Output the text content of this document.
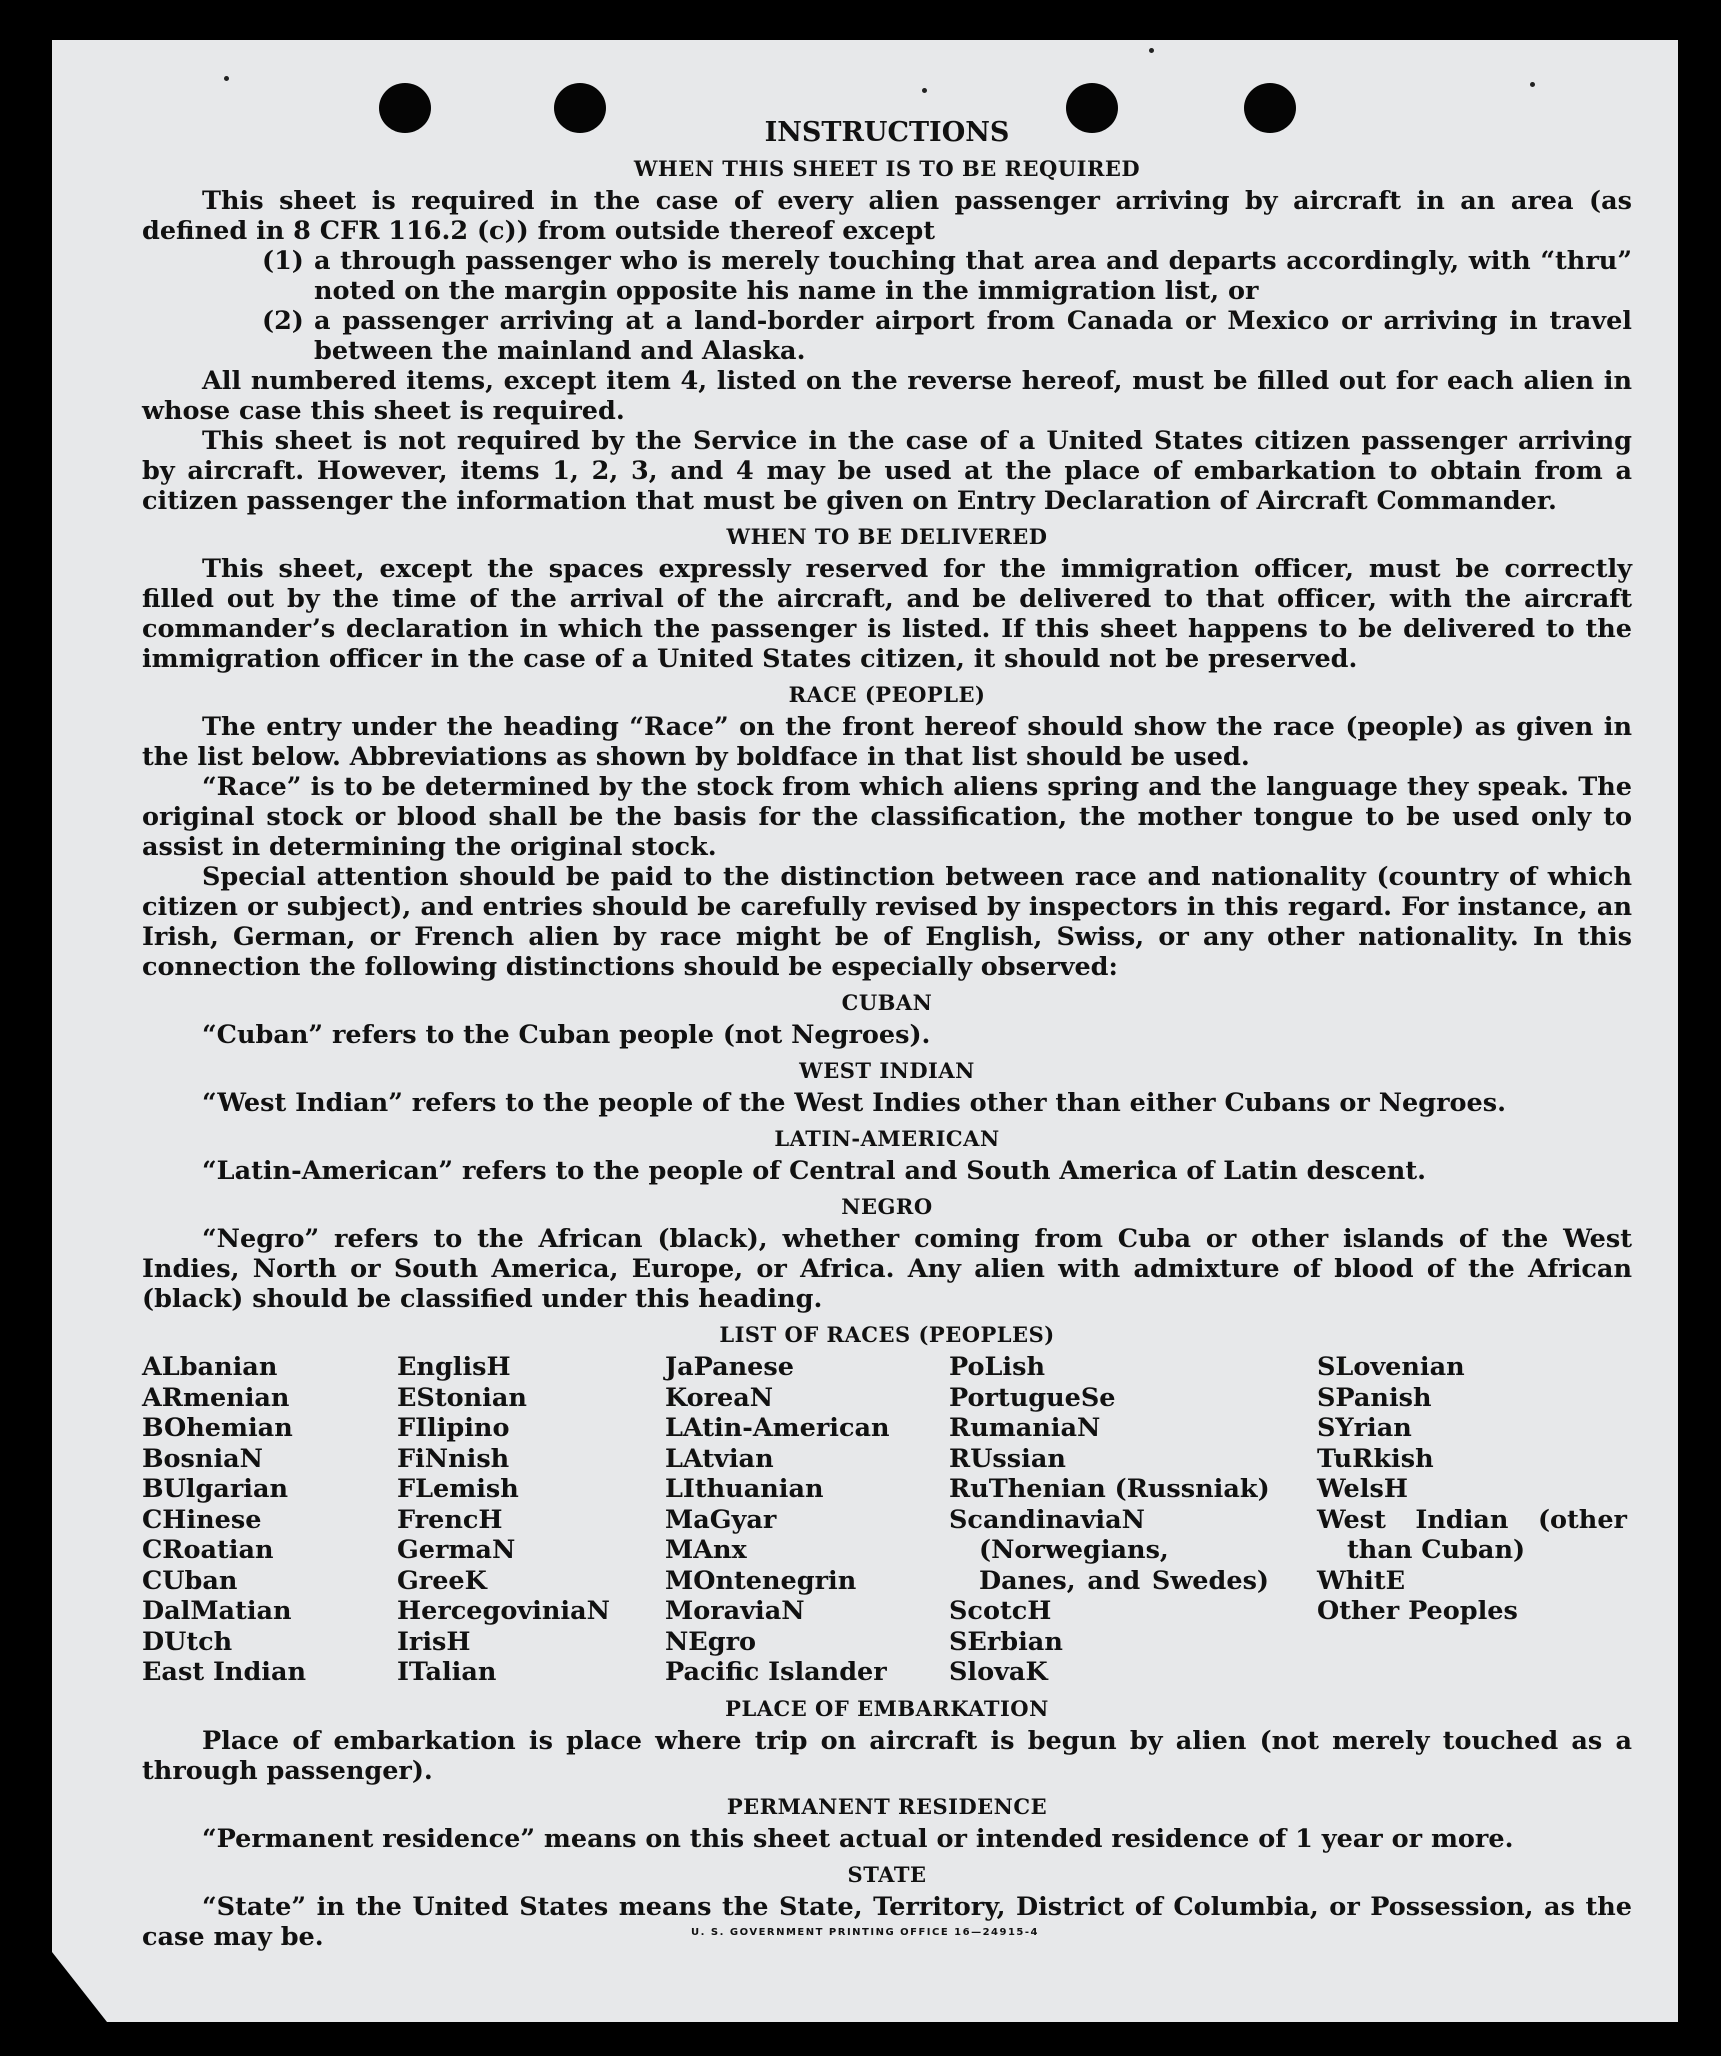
INSTRUCTIONS
WHEN THIS SHEET IS TO BE REQUIRED

This sheet is required in the case of every alien passenger arriving by aircraft in an area (as defined in 8 CFR 116.2 (c)) from outside thereof except

(1) a through passenger who is merely touching that area and departs accordingly, with “thru” noted on the margin opposite his name in the immigration list, or
(2) a passenger arriving at a land-border airport from Canada or Mexico or arriving in travel between the mainland and Alaska.

All numbered items, except item 4, listed on the reverse hereof, must be filled out for each alien in whose case this sheet is required.

This sheet is not required by the Service in the case of a United States citizen passenger arriving by aircraft. However, items 1, 2, 3, and 4 may be used at the place of embarkation to obtain from a citizen passenger the information that must be given on Entry Declaration of Aircraft Commander.

WHEN TO BE DELIVERED

This sheet, except the spaces expressly reserved for the immigration officer, must be correctly filled out by the time of the arrival of the aircraft, and be delivered to that officer, with the aircraft commander’s declaration in which the passenger is listed. If this sheet happens to be delivered to the immigration officer in the case of a United States citizen, it should not be preserved.

RACE (PEOPLE)

The entry under the heading “Race” on the front hereof should show the race (people) as given in the list below. Abbreviations as shown by boldface in that list should be used.

“Race” is to be determined by the stock from which aliens spring and the language they speak. The original stock or blood shall be the basis for the classification, the mother tongue to be used only to assist in determining the original stock.

Special attention should be paid to the distinction between race and nationality (country of which citizen or subject), and entries should be carefully revised by inspectors in this regard. For instance, an Irish, German, or French alien by race might be of English, Swiss, or any other nationality. In this connection the following distinctions should be especially observed:

CUBAN

“Cuban” refers to the Cuban people (not Negroes).

WEST INDIAN

“West Indian” refers to the people of the West Indies other than either Cubans or Negroes.

LATIN-AMERICAN

“Latin-American” refers to the people of Central and South America of Latin descent.

NEGRO

“Negro” refers to the African (black), whether coming from Cuba or other islands of the West Indies, North or South America, Europe, or Africa. Any alien with admixture of blood of the African (black) should be classified under this heading.

LIST OF RACES (PEOPLES)
ALbanian
ARmenian
BOhemian
BosniaN
BUlgarian
CHinese
CRoatian
CUban
DalMatian
DUtch
East Indian
EnglisH
EStonian
FIlipino
FiNnish
FLemish
FrencH
GermaN
GreeK
HercegoviniaN
IrisH
ITalian
JaPanese
KoreaN
LAtin-American
LAtvian
LIthuanian
MaGyar
MAnx
MOntenegrin
MoraviaN
NEgro
Pacific Islander
PoLish
PortugueSe
RumaniaN
RUssian
RuThenian (Russniak)
ScandinaviaN (Norwegians, Danes, and Swedes)
ScotcH
SErbian
SlovaK
SLovenian
SPanish
SYrian
TuRkish
WelsH
West Indian (other than Cuban)
WhitE
Other Peoples
PLACE OF EMBARKATION

Place of embarkation is place where trip on aircraft is begun by alien (not merely touched as a through passenger).

PERMANENT RESIDENCE

“Permanent residence” means on this sheet actual or intended residence of 1 year or more.

STATE

“State” in the United States means the State, Territory, District of Columbia, or Possession, as the case may be.	U. S. GOVERNMENT PRINTING OFFICE 16—24915-4
